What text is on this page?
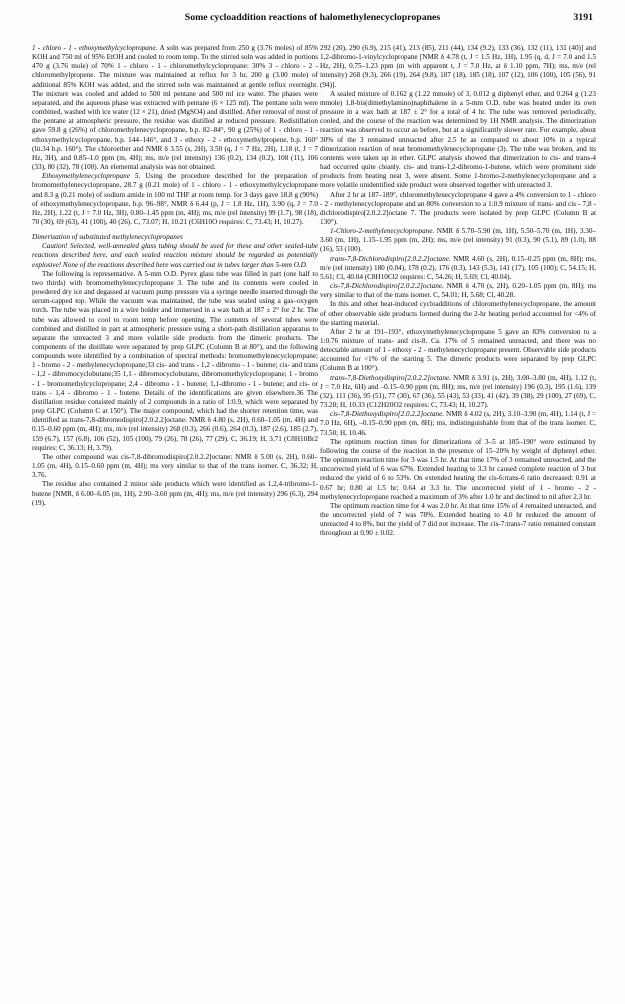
Some cycloaddition reactions of halomethylenecyclopropanes	3191

1 - chloro - 1 - ethoxymethylcyclopropane. A soln was prepared from 250 g (3.76 moles) of 85% KOH and 750 ml of 95% EtOH and cooled to room temp. To the stirred soln was added in portions 470 g (3.76 mole) of 70% 1 - chloro - 1 - chloromethylcyclopropane: 30% 3 - chloro - 2 - chloromethylpropene. The mixture was maintained at reflux for 3 hr, 200 g (3.00 mole) of additional 85% KOH was added, and the stirred soln was maintained at gentle reflux overnight. The mixture was cooled and added to 500 ml pentane and 500 ml ice water. The phases were separated, and the aqueous phase was extracted with pentane (6 × 125 ml). The pentane soln were combined, washed with ice water (12 × 21), dried (MgSO4) and distilled. After removal of most of the pentane at atmospheric pressure, the residue was distilled at reduced pressure. Redistillation gave 59.8 g (26%) of chloromethylenecyclopropane, b.p. 82–84°, 90 g (25%) of 1 - chloro - 1 - ethoxymethylcyclopropane, b.p. 144–146°, and 3 - ethoxy - 2 - ethoxymethylpropene, b.p. 160° (lit.34 b.p. 160°). The chloroether and NMR δ 3.55 (s, 2H), 3.50 (q, J = 7 Hz, 2H), 1.18 (t, J = 7 Hz, 3H), and 0.85–1.0 ppm (m, 4H); ms, m/e (rel intensity) 136 (0.2), 134 (0.2), 108 (11), 106 (33), 80 (32), 78 (100). An elemental analysis was not obtained.

Ethoxymethylenecyclopropane 5. Using the procedure described for the preparation of bromomethylenecyclopropane, 28.7 g (0.21 mole) of 1 - chloro - 1 - ethoxymethylcyclopropane and 8.3 g (0.21 mole) of sodium amide in 100 ml THF at room temp. for 3 days gave 18.8 g (90%) of ethoxymethylenecyclopropane, b.p. 96–98°, NMR δ 6.44 (p, J = 1.8 Hz, 1H), 3.90 (q, J = 7.0 Hz, 2H), 1.22 (t, J = 7.0 Hz, 3H), 0.80–1.45 ppm (m, 4H); ms, m/e (rel intensity) 99 (1.7), 98 (18), 70 (30), 69 (63), 41 (100), 40 (26). C, 73.07; H, 10.21 (C6H10O requires: C, 73.43; H, 10.27).

Dimerization of substituted methylenecyclopropanes

Caution! Selected, well-annealed glass tubing should be used for these and other sealed-tube reactions described here, and each sealed reaction mixture should be regarded as potentially explosive! None of the reactions described here was carried out in tubes larger than 5-mm O.D.

The following is representative. A 5-mm O.D. Pyrex glass tube was filled in part (one half to two thirds) with bromomethylenecyclopropane 3. The tube and its contents were cooled in powdered dry ice and degassed at vacuum pump pressure via a syringe needle inserted through the serum-capped top. While the vacuum was maintained, the tube was sealed using a gas–oxygen torch. The tube was placed in a wire holder and immersed in a wax bath at 187 ± 2° for 2 hr. The tube was allowed to cool to room temp before opening. The contents of several tubes were combined and distilled in part at atmospheric pressure using a short-path distillation apparatus to separate the unreacted 3 and more volatile side products from the dimeric products. The components of the distillate were separated by prep GLPC (Column B at 80°), and the following compounds were identified by a combination of spectral methods: bromomethylenecyclopropane; 1 - bromo - 2 - methylenecyclopropane;33 cis- and trans - 1,2 - dibromo - 1 - butene; cis- and trans - 1,2 - dibromocyclobutane;35 1,1 - dibromocyclobutane, dibromomethylcyclopropane; 1 - bromo - 1 - bromomethylcyclopropane; 2,4 - dibromo - 1 - butene; 1,1-dibromo - 1 - butene; and cis- or trans - 1,4 - dibromo - 1 - butene. Details of the identifications are given elsewhere.36 The distillation residue consisted mainly of 2 compounds in a ratio of 1:0.9, which were separated by prep GLPC (Column C at 150°). The major compound, which had the shorter retention time, was identified as trans-7,8-dibromodispiro[2.0.2.2]octane: NMR δ 4.80 (s, 2H), 0.60–1.05 (m, 4H) and 0.15–0.60 ppm (m, 4H); ms, m/e (rel intensity) 268 (0.3), 266 (0.6), 264 (0.3), 187 (2.6), 185 (2.7), 159 (6.7), 157 (6.8), 106 (52), 105 (100), 79 (26), 78 (26), 77 (29). C, 36.19; H, 3.71 (C8H10Br2 requires: C, 36.13; H, 3.79).

The other compound was cis-7,8-dibromodispiro[2.0.2.2]octane: NMR δ 5.00 (s, 2H), 0.60–1.05 (m, 4H), 0.15–0.60 ppm (m, 4H); ms very similar to that of the trans isomer. C, 36.32; H, 3.76.

The residue also contained 2 minor side products which were identified as 1,2,4-tribromo-1-butene [NMR, δ 6.00–6.05 (m, 1H), 2.90–3.60 ppm (m, 4H); ms, m/e (rel intensity) 296 (6.3), 294 (19),

292 (20), 290 (6.9), 215 (41), 213 (85), 211 (44), 134 (9.2), 133 (36), 132 (11), 131 (40)] and 1,2-dibromo-1-vinylcyclopropane [NMR δ 4.78 (t, J = 1.5 Hz, 1H), 1.95 (q, d, J = 7.0 and 1.5 Hz, 2H), 0.75–1.23 ppm (m with apparent t, J = 7.0 Hz, at δ 1.10 ppm, 7H); ms, m/e (rel intensity) 268 (9.3), 266 (19), 264 (9.8), 187 (18), 185 (18), 107 (12), 106 (100), 105 (56), 91 (94)].

A sealed mixture of 0.162 g (1.22 mmole) of 3, 0.012 g diphenyl ether, and 0.264 g (1.23 mmole) 1,8-bis(dimethylamino)naphthalene in a 5-mm O.D. tube was heated under its own pressure in a wax bath at 187 ± 2° for a total of 4 hr. The tube was removed periodically, cooled, and the course of the reaction was determined by 1H NMR analysis. The dimerization reaction was observed to occur as before, but at a significantly slower rate. For example, about 30% of the 3 remained unreacted after 2.5 hr as compared to about 10% in a typical dimerization reaction of neat bromomethylenecyclopropane (3). The tube was broken, and its contents were taken up in ether. GLPC analysis showed that dimerization to cis- and trans-4 had occurred quite cleanly. cis- and trans-1,2-dibromo-1-butene, which were prominent side products from heating neat 3, were absent. Some 1-bromo-2-methylenecyclopropane and a more volatile unidentified side product were observed together with unreacted 3.

After 2 hr at 187–189°, chloromethylenecyclopropane 4 gave a 4% conversion to 1 - chloro - 2 - methylenecyclopropane and an 80% conversion to a 1:0.9 mixture of trans- and cis - 7,8 - dichlorodispiro[2.0.2.2]octane 7. The products were isolated by prep GLPC (Column B at 130°).

1-Chloro-2-methylenecyclopropane. NMR δ 5.70–5.90 (m, 1H), 5.50–5.70 (m, 1H), 3.30–3.60 (m, 1H), 1.15–1.95 ppm (m, 2H); ms, m/e (rel intensity) 91 (0.3), 90 (5.1), 89 (1.0), 88 (16), 53 (100).

trans-7,8-Dichlorodispiro[2.0.2.2]octane. NMR 4.60 (s, 2H), 0.15–0.25 ppm (m, 8H); ms, m/e (rel intensity) 180 (0.04), 178 (0.2), 176 (0.3), 143 (5.3), 141 (17), 105 (100); C, 54.15; H, 5.61; Cl, 40.04 (C8H10Cl2 requires: C, 54.26; H, 5.69; Cl, 40.04).

cis-7,8-Dichlorodispiro[2.0.2.2]octane. NMR δ 4.70 (s, 2H), 0.20–1.05 ppm (m, 8H); ms very similar to that of the trans isomer. C, 54.01; H, 5.68; Cl, 40.28.

In this and other heat-induced cycloadditions of chloromethylenecyclopropane, the amount of other observable side products formed during the 2-hr heating period accounted for <4% of the starting material.

After 2 hr at 191–193°, ethoxymethylenecyclopropane 5 gave an 83% conversion to a 1:0.76 mixture of trans- and cis-8. Ca. 17% of 5 remained unreacted, and there was no detectable amount of 1 - ethoxy - 2 - methylenecyclopropane present. Observable side products accounted for <1% of the starting 5. The dimeric products were separated by prep GLPC (Column B at 100°).

trans-7,8-Diethoxydispiro[2.0.2.2]octane. NMR δ 3.91 (s, 2H), 3.00–3.80 (m, 4H), 1.12 (t, J = 7.0 Hz, 6H) and –0.15–0.90 ppm (m, 8H); ms, m/e (rel intensity) 196 (0.3), 195 (1.6), 139 (32), 111 (36), 95 (51), 77 (30), 67 (36), 55 (43), 53 (33), 41 (42), 39 (38), 29 (100), 27 (69), C, 73.28; H, 10.33 (C12H20O2 requires: C, 73.43; H, 10.27).

cis-7,8-Diethoxydispiro[2.0.2.2]octane. NMR δ 4.02 (s, 2H), 3.10–3.90 (m, 4H), 1.14 (t, J = 7.0 Hz, 6H), –0.15–0.90 ppm (m, 8H); ms, indistinguishable from that of the trans isomer. C, 73.50; H, 10.46.

The optimum reaction times for dimerizations of 3–5 at 185–190° were estimated by following the course of the reaction in the presence of 15–20% by weight of diphenyl ether. The optimum reaction time for 3 was 1.5 hr. At that time 17% of 3 remained unreacted, and the uncorrected yield of 6 was 67%. Extended heating to 3.3 hr caused complete reaction of 3 but reduced the yield of 6 to 53%. On extended heating the cis-6:trans-6 ratio decreased: 0.91 at 0.67 hr; 0.80 at 1.5 hr; 0.64 at 3.3 hr. The uncorrected yield of 1 - bromo - 2 - methylenecyclopropane reached a maximum of 3% after 1.0 hr and declined to nil after 2.3 hr.

The optimum reaction time for 4 was 2.0 hr. At that time 15% of 4 remained unreacted, and the uncorrected yield of 7 was 78%. Extended heating to 4.0 hr reduced the amount of unreacted 4 to 8%, but the yield of 7 did not increase. The cis-7:trans-7 ratio remained constant throughout at 0.90 ± 0.02.
